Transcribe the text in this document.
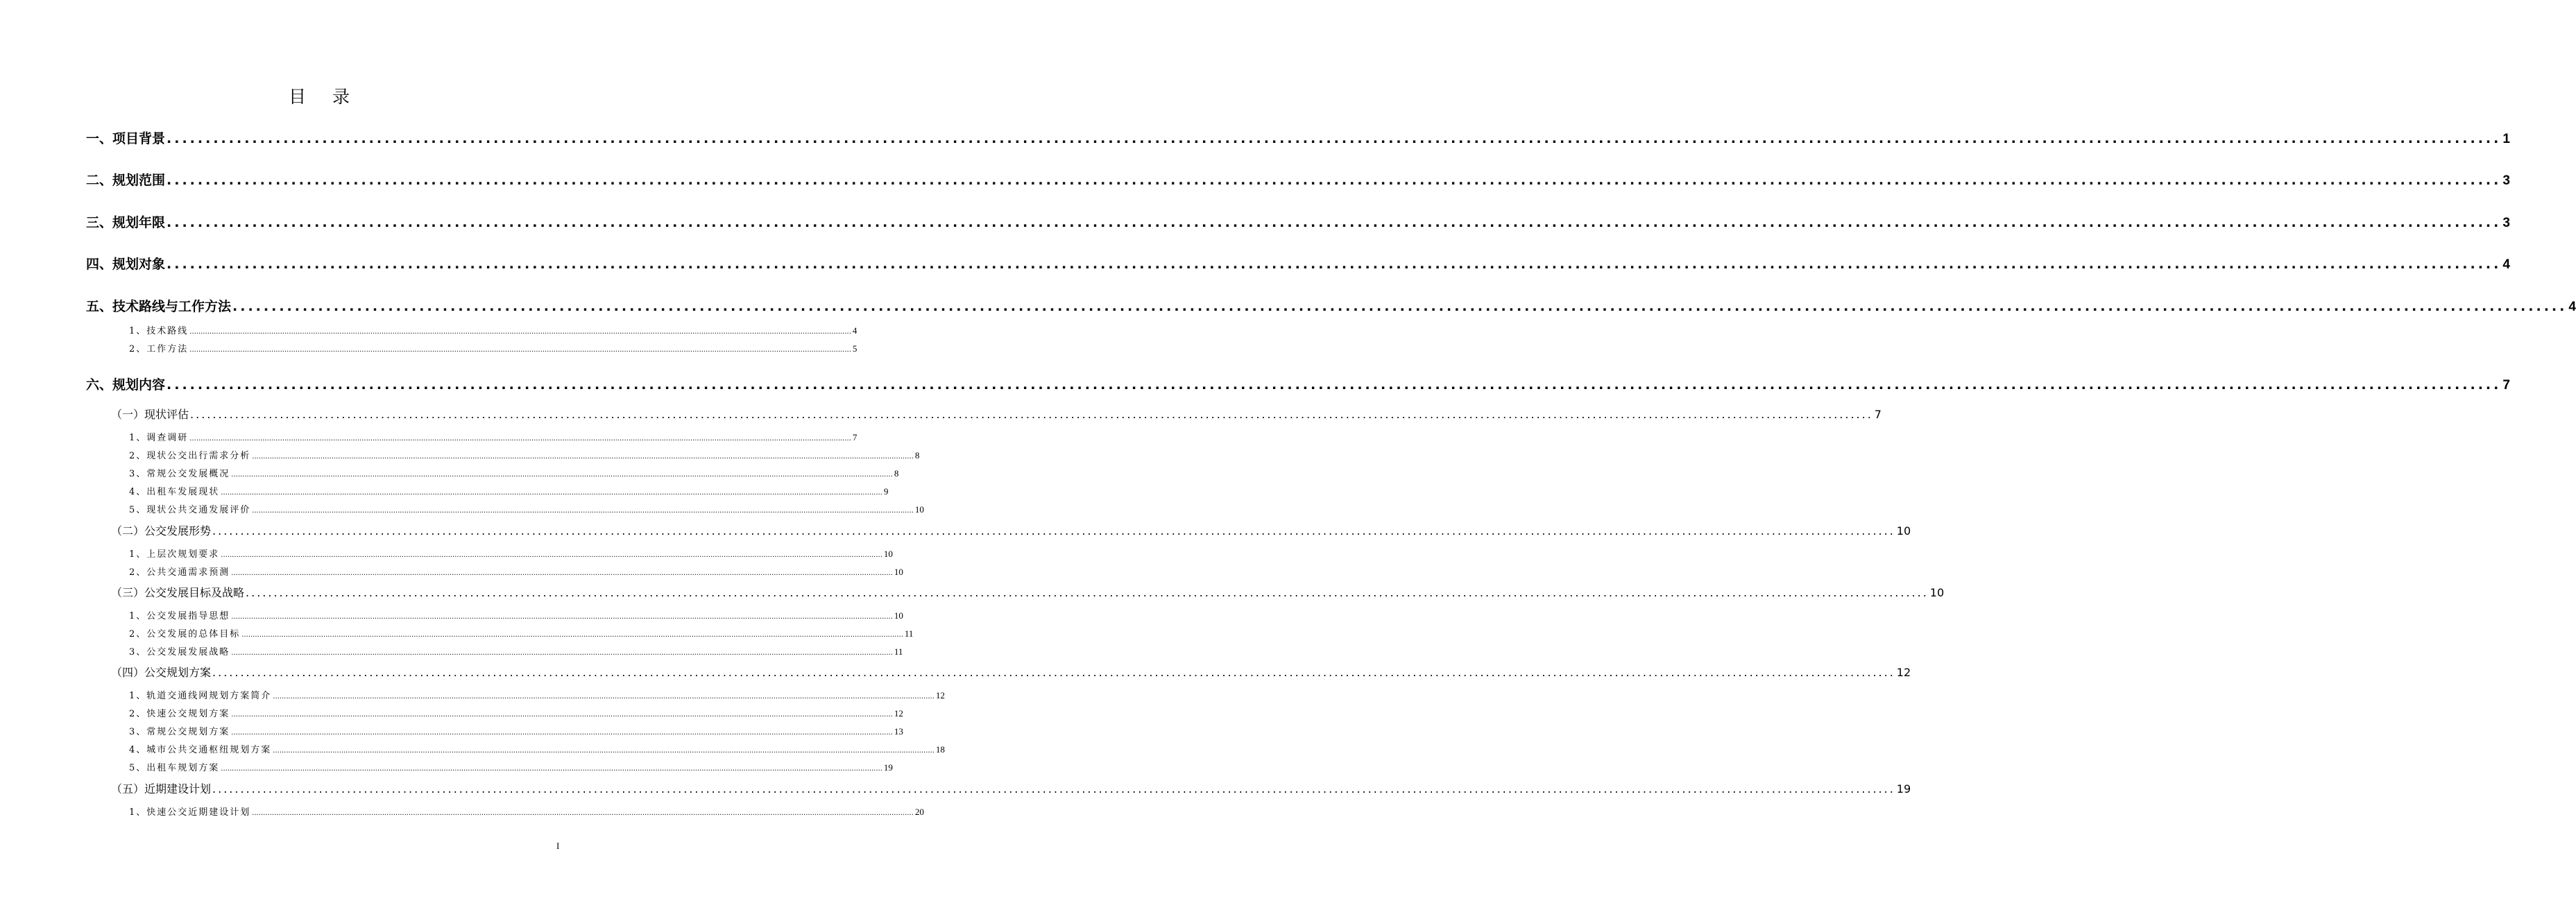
目录
一、项目背景 ............................................................................................................................................................................................................................................................................................................ 1
二、规划范围 ............................................................................................................................................................................................................................................................................................................ 3
三、规划年限 ............................................................................................................................................................................................................................................................................................................ 3
四、规划对象 ............................................................................................................................................................................................................................................................................................................ 4
五、技术路线与工作方法 ............................................................................................................................................................................................................................................................................................................ 4
1、技术路线 ............................................................................................................................................................................................................................................................................................................ 4
2、工作方法 ............................................................................................................................................................................................................................................................................................................ 5
六、规划内容 ............................................................................................................................................................................................................................................................................................................ 7
（一）现状评估 ............................................................................................................................................................................................................................................................................................................ 7
1、调查调研 ............................................................................................................................................................................................................................................................................................................ 7
2、现状公交出行需求分析 ............................................................................................................................................................................................................................................................................................................ 8
3、常规公交发展概况 ............................................................................................................................................................................................................................................................................................................ 8
4、出租车发展现状 ............................................................................................................................................................................................................................................................................................................ 9
5、现状公共交通发展评价 ............................................................................................................................................................................................................................................................................................................ 10
（二）公交发展形势 ............................................................................................................................................................................................................................................................................................................ 10
1、上层次规划要求 ............................................................................................................................................................................................................................................................................................................ 10
2、公共交通需求预测 ............................................................................................................................................................................................................................................................................................................ 10
（三）公交发展目标及战略 ............................................................................................................................................................................................................................................................................................................ 10
1、公交发展指导思想 ............................................................................................................................................................................................................................................................................................................ 10
2、公交发展的总体目标 ............................................................................................................................................................................................................................................................................................................ 11
3、公交发展发展战略 ............................................................................................................................................................................................................................................................................................................ 11
（四）公交规划方案 ............................................................................................................................................................................................................................................................................................................ 12
1、轨道交通线网规划方案简介 ............................................................................................................................................................................................................................................................................................................ 12
2、快速公交规划方案 ............................................................................................................................................................................................................................................................................................................ 12
3、常规公交规划方案 ............................................................................................................................................................................................................................................................................................................ 13
4、城市公共交通枢纽规划方案 ............................................................................................................................................................................................................................................................................................................ 18
5、出租车规划方案 ............................................................................................................................................................................................................................................................................................................ 19
（五）近期建设计划 ............................................................................................................................................................................................................................................................................................................ 19
1、快速公交近期建设计划 ............................................................................................................................................................................................................................................................................................................ 20
I
